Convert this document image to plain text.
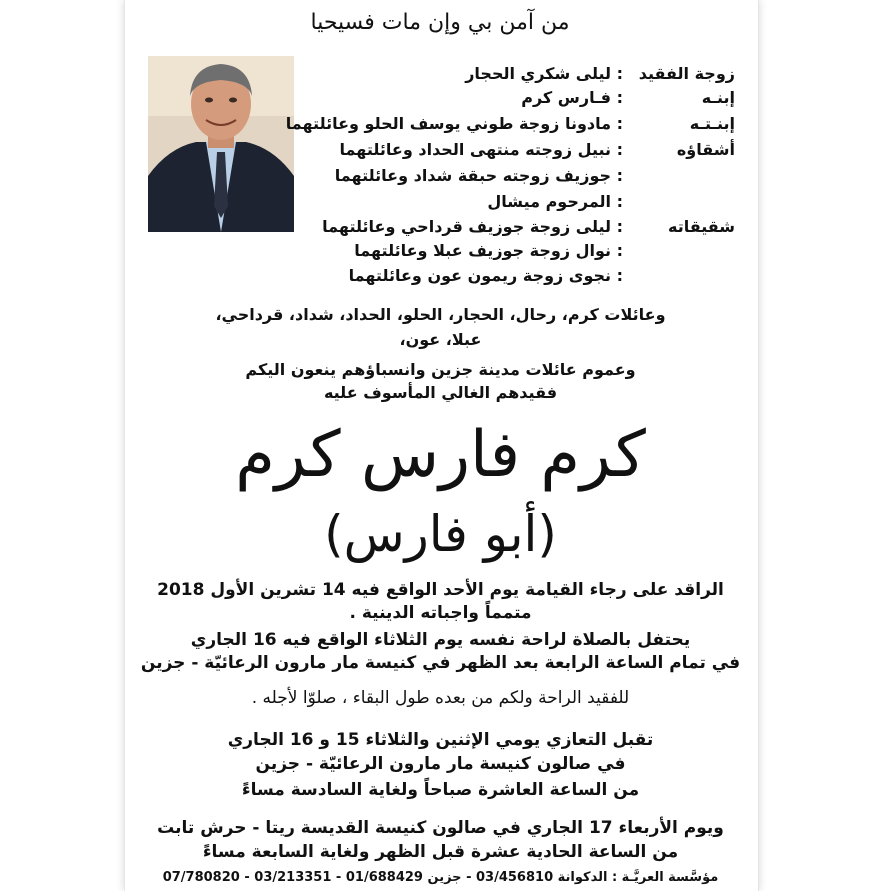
من آمن بي وإن مات فسيحيا
زوجة الفقيد
: ليلى شكري الحجار
إبنـه
: فـارس كرم
إبنـتـه
: مادونا زوجة طوني يوسف الحلو وعائلتهما
أشقاؤه
: نبيل زوجته منتهى الحداد وعائلتهما
: جوزيف زوجته حبقة شداد وعائلتهما
: المرحوم ميشال
شقيقاته
: ليلى زوجة جوزيف قرداحي وعائلتهما
: نوال زوجة جوزيف عبلا وعائلتهما
: نجوى زوجة ريمون عون وعائلتهما
وعائلات كرم، رحال، الحجار، الحلو، الحداد، شداد، قرداحي،
عبلا، عون،
وعموم عائلات مدينة جزين وانسباؤهم ينعون اليكم
فقيدهم الغالي المأسوف عليه
كرم فارس كرم
(أبو فارس)
الراقد على رجاء القيامة يوم الأحد الواقع فيه 14 تشرين الأول 2018
متمماً واجباته الدينية .
يحتفل بالصلاة لراحة نفسه يوم الثلاثاء الواقع فيه 16 الجاري
في تمام الساعة الرابعة بعد الظهر في كنيسة مار مارون الرعائيّة - جزين
للفقيد الراحة ولكم من بعده طول البقاء ، صلوّا لأجله .
تقبل التعازي يومي الإثنين والثلاثاء 15 و 16 الجاري
في صالون كنيسة مار مارون الرعائيّة - جزين
من الساعة العاشرة صباحاً ولغاية السادسة مساءً
ويوم الأربعاء 17 الجاري في صالون كنيسة القديسة ريتا - حرش تابت
من الساعة الحادية عشرة قبل الظهر ولغاية السابعة مساءً
مؤسَّسة العريَّـة : الدكوانة 03/456810 - جزين 01/688429 - 03/213351 - 07/780820
